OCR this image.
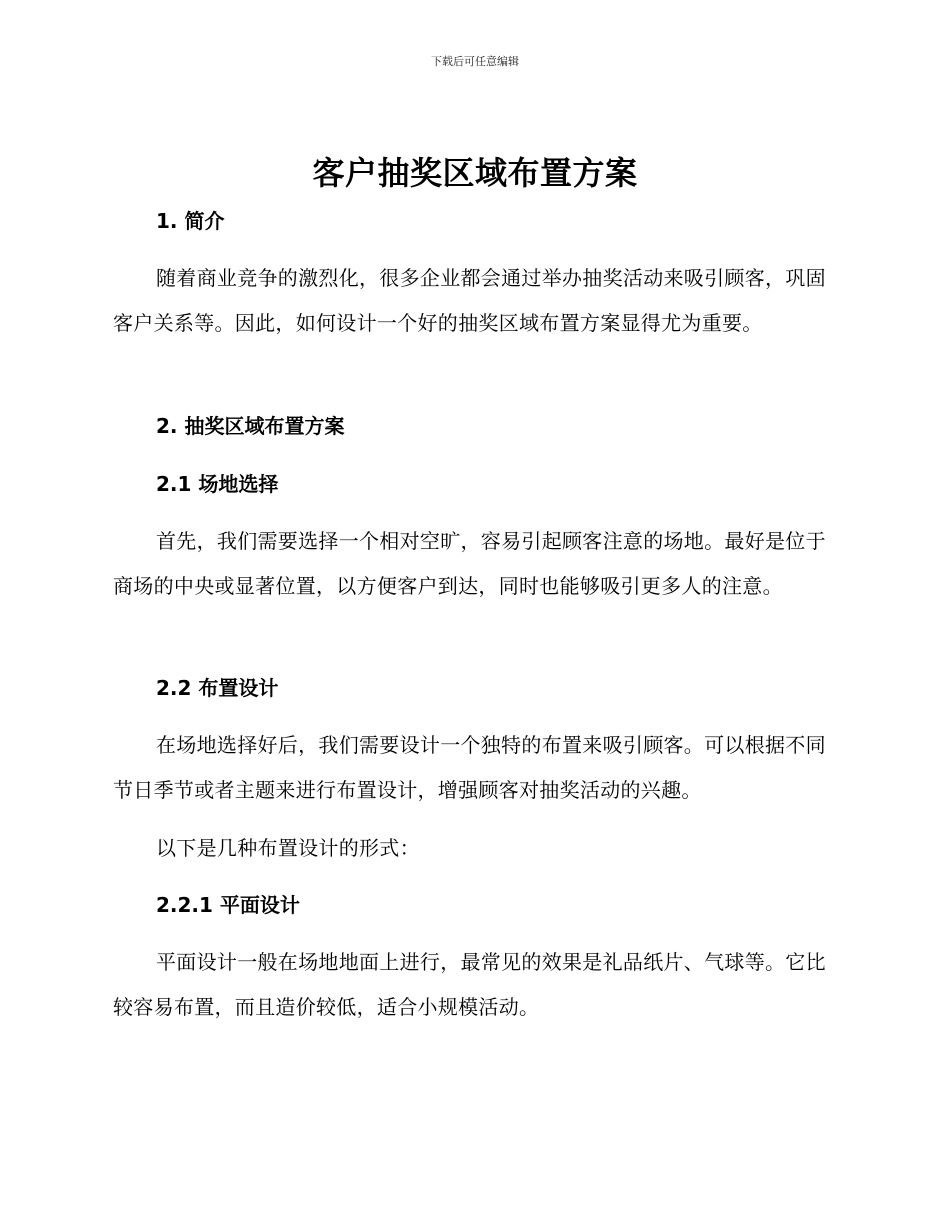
下载后可任意编辑
客户抽奖区域布置方案
1. 简介

随着商业竞争的激烈化，很多企业都会通过举办抽奖活动来吸引顾客，巩固客户关系等。因此，如何设计一个好的抽奖区域布置方案显得尤为重要。

2. 抽奖区域布置方案
2.1 场地选择

首先，我们需要选择一个相对空旷，容易引起顾客注意的场地。最好是位于商场的中央或显著位置，以方便客户到达，同时也能够吸引更多人的注意。

2.2 布置设计

在场地选择好后，我们需要设计一个独特的布置来吸引顾客。可以根据不同节日季节或者主题来进行布置设计，增强顾客对抽奖活动的兴趣。

以下是几种布置设计的形式：

2.2.1 平面设计

平面设计一般在场地地面上进行，最常见的效果是礼品纸片、气球等。它比较容易布置，而且造价较低，适合小规模活动。
